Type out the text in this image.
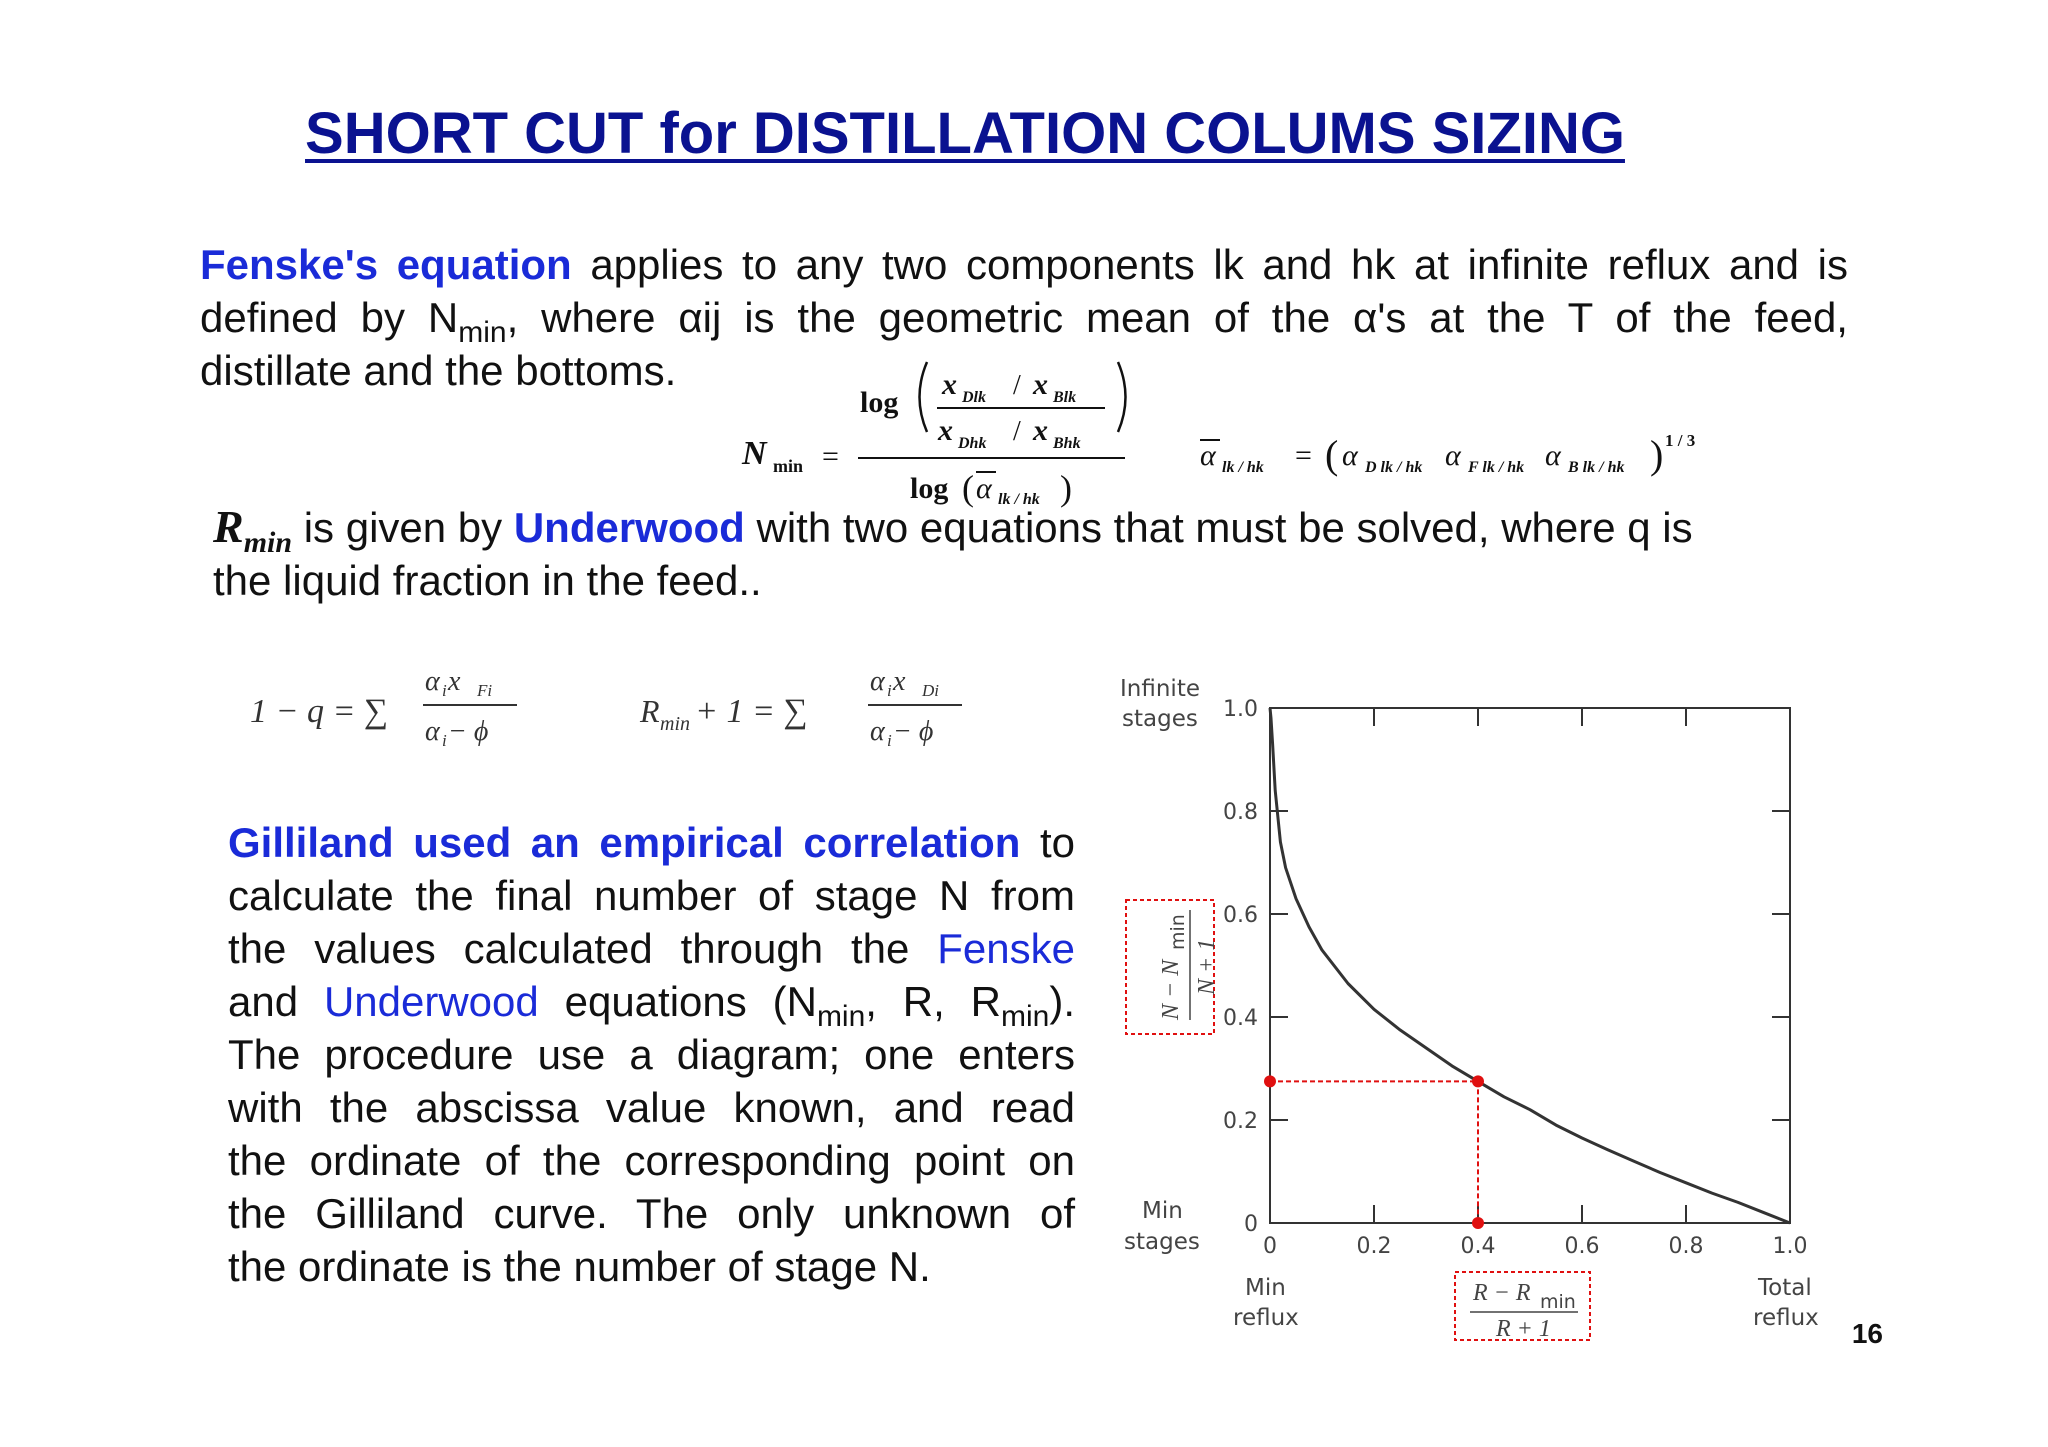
SHORT CUT for DISTILLATION COLUMS SIZING
Fenske's equation applies to any two components lk and hk at infinite reflux and is
defined by $N_{min}$, where αij is the geometric mean of the α's at the T of the feed,
distillate and the bottoms.
N min =
log
x Dlk / x Blk
x Dhk / x Bhk
log ( α lk / hk )
α lk / hk = ( α D lk / hk α F lk / hk α B lk / hk ) 1 / 3
$R_{min}$ is given by Underwood with two equations that must be solved, where q is
the liquid fraction in the feed..
1 − q = ∑
α i x Fi
α i − ϕ
R min + 1 = ∑
α i x Di
α i − ϕ
Gilliland used an empirical correlation to
calculate the final number of stage N from
the values calculated through the Fenske
and Underwood equations ($N_{min}$, R, $R_{min}$).
The procedure use a diagram; one enters
with the abscissa value known, and read
the ordinate of the corresponding point on
the Gilliland curve. The only unknown of
the ordinate is the number of stage N.	0	0.2	0.4	0.6	0.8	1.0
0
0.2
0.4
0.6
0.8
1.0
Infinite
stages
Min
stages
Min
reflux
Total
reflux
R − R min
R + 1
N − N
min
N + 1
16
